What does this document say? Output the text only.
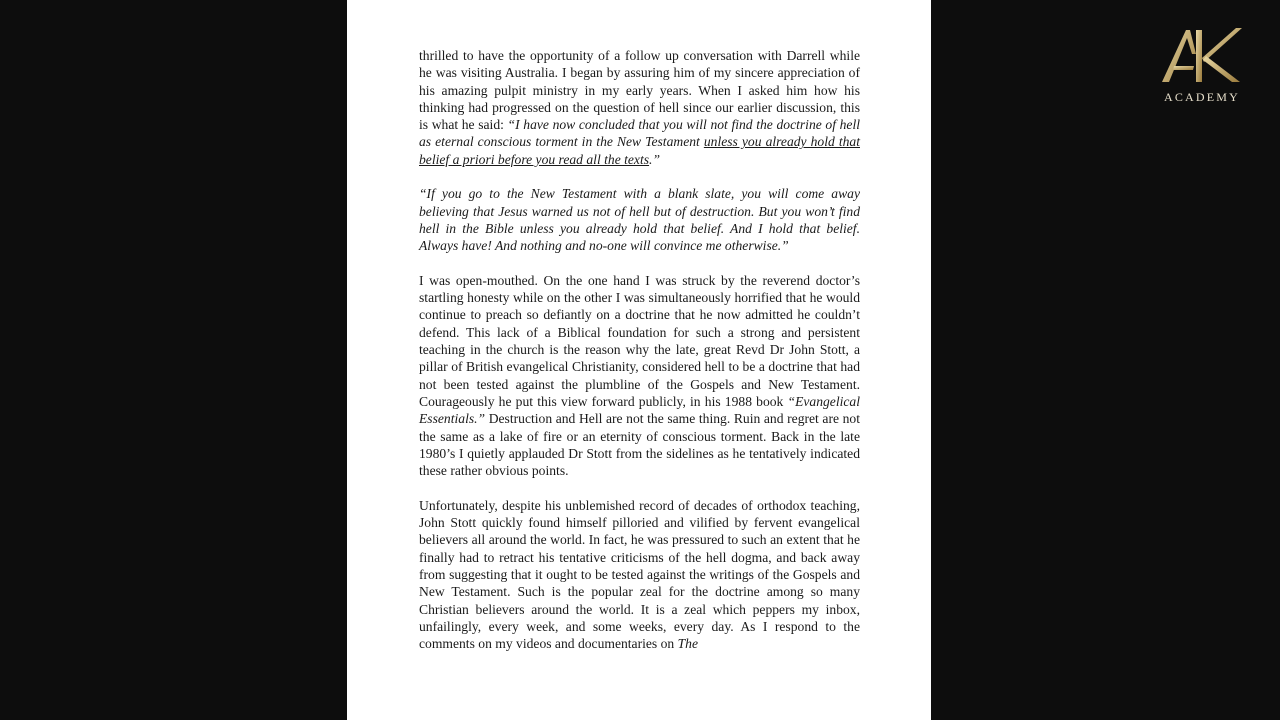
thrilled to have the opportunity of a follow up conversation with Darrell while he was visiting Australia. I began by assuring him of my sincere appreciation of his amazing pulpit ministry in my early years. When I asked him how his thinking had progressed on the question of hell since our earlier discussion, this is what he said: “I have now concluded that you will not find the doctrine of hell as eternal conscious torment in the New Testament unless you already hold that belief a priori before you read all the texts.”

“If you go to the New Testament with a blank slate, you will come away believing that Jesus warned us not of hell but of destruction. But you won’t find hell in the Bible unless you already hold that belief. And I hold that belief. Always have! And nothing and no-one will convince me otherwise.”

I was open-mouthed. On the one hand I was struck by the reverend doctor’s startling honesty while on the other I was simultaneously horrified that he would continue to preach so defiantly on a doctrine that he now admitted he couldn’t defend. This lack of a Biblical foundation for such a strong and persistent teaching in the church is the reason why the late, great Revd Dr John Stott, a pillar of British evangelical Christianity, considered hell to be a doctrine that had not been tested against the plumbline of the Gospels and New Testament. Courageously he put this view forward publicly, in his 1988 book “Evangelical Essentials.” Destruction and Hell are not the same thing. Ruin and regret are not the same as a lake of fire or an eternity of conscious torment. Back in the late 1980’s I quietly applauded Dr Stott from the sidelines as he tentatively indicated these rather obvious points.

Unfortunately, despite his unblemished record of decades of orthodox teaching, John Stott quickly found himself pilloried and vilified by fervent evangelical believers all around the world. In fact, he was pressured to such an extent that he finally had to retract his tentative criticisms of the hell dogma, and back away from suggesting that it ought to be tested against the writings of the Gospels and New Testament. Such is the popular zeal for the doctrine among so many Christian believers around the world. It is a zeal which peppers my inbox, unfailingly, every week, and some weeks, every day. As I respond to the comments on my videos and documentaries on The

ACADEMY
